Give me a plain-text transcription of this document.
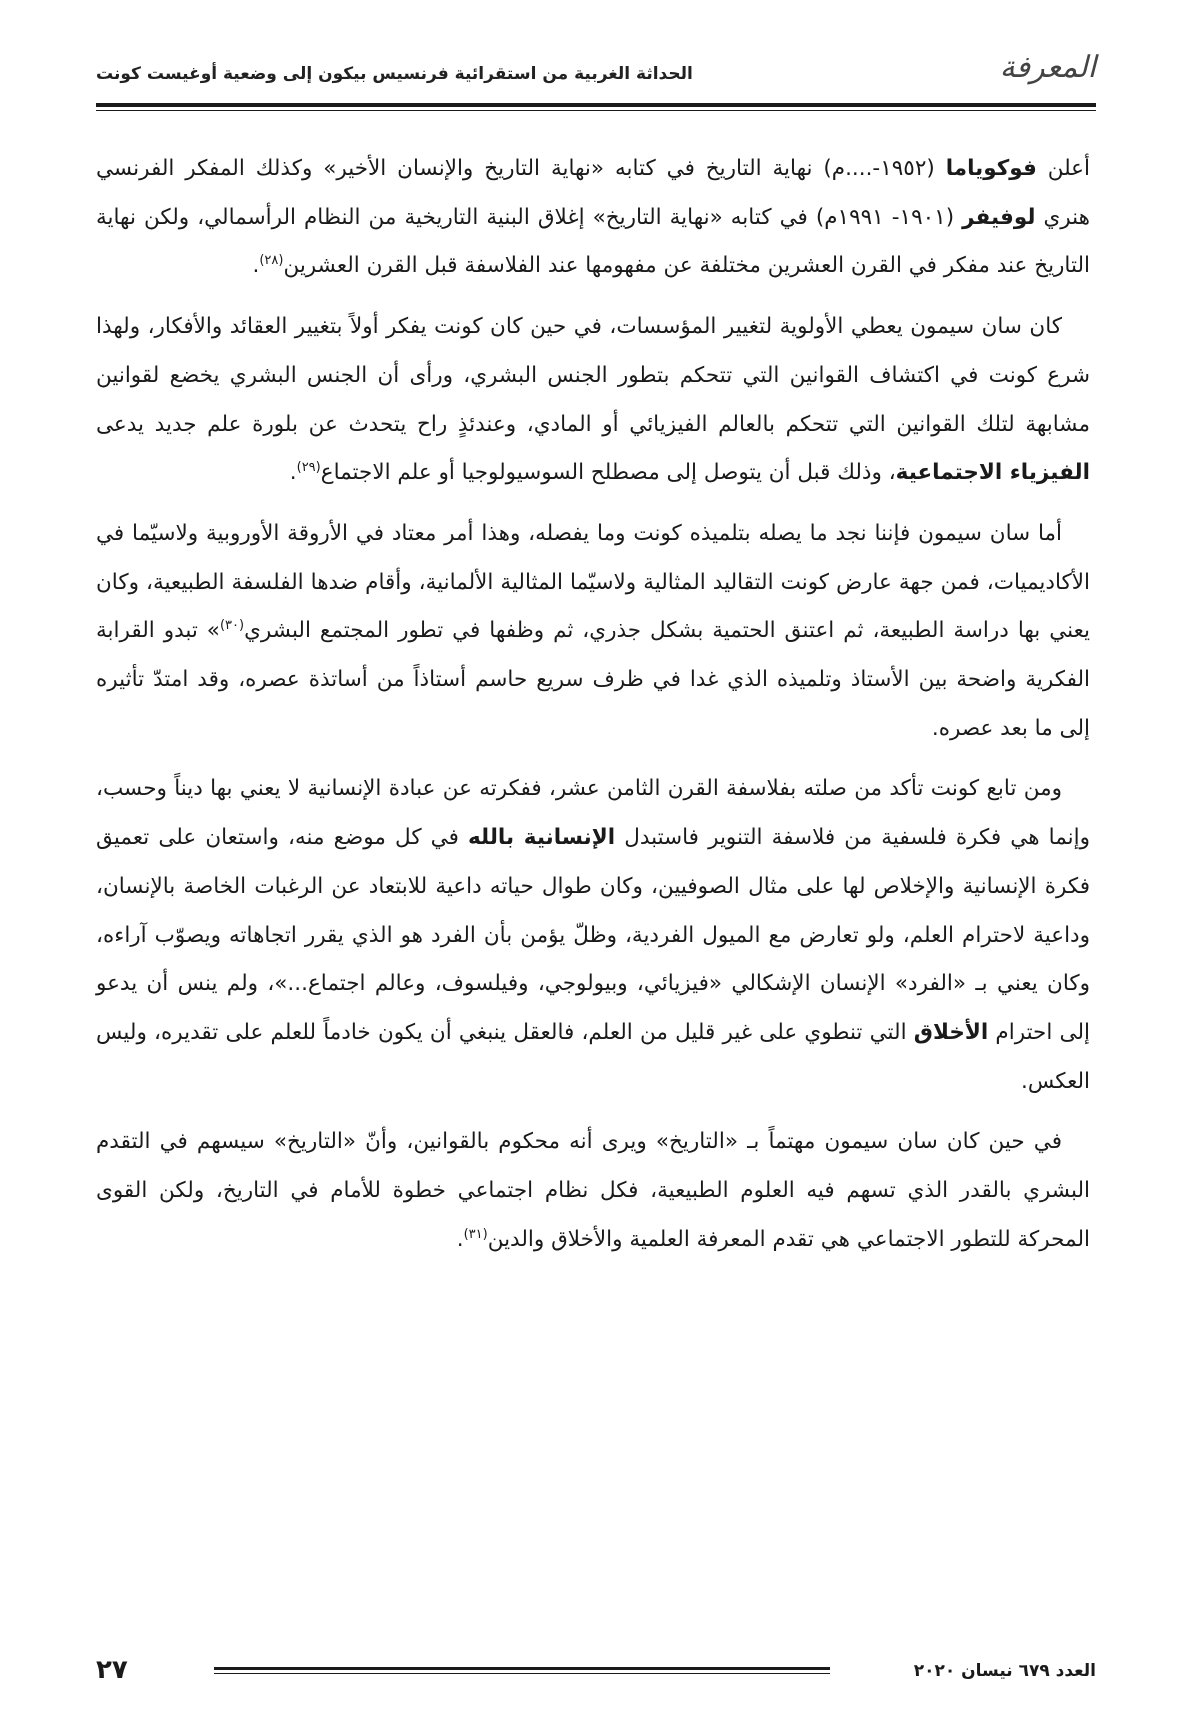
المعرفة
الحداثة الغربية من استقرائية فرنسيس بيكون إلى وضعية أوغيست كونت

أعلن فوكوياما (١٩٥٢-....م) نهاية التاريخ في كتابه «نهاية التاريخ والإنسان الأخير» وكذلك المفكر الفرنسي هنري لوفيفر (١٩٠١- ١٩٩١م) في كتابه «نهاية التاريخ» إغلاق البنية التاريخية من النظام الرأسمالي، ولكن نهاية التاريخ عند مفكر في القرن العشرين مختلفة عن مفهومها عند الفلاسفة قبل القرن العشرين$^{(٢٨)}$.

كان سان سيمون يعطي الأولوية لتغيير المؤسسات، في حين كان كونت يفكر أولاً بتغيير العقائد والأفكار، ولهذا شرع كونت في اكتشاف القوانين التي تتحكم بتطور الجنس البشري، ورأى أن الجنس البشري يخضع لقوانين مشابهة لتلك القوانين التي تتحكم بالعالم الفيزيائي أو المادي، وعندئذٍ راح يتحدث عن بلورة علم جديد يدعى الفيزياء الاجتماعية، وذلك قبل أن يتوصل إلى مصطلح السوسيولوجيا أو علم الاجتماع$^{(٢٩)}$.

أما سان سيمون فإننا نجد ما يصله بتلميذه كونت وما يفصله، وهذا أمر معتاد في الأروقة الأوروبية ولاسيّما في الأكاديميات، فمن جهة عارض كونت التقاليد المثالية ولاسيّما المثالية الألمانية، وأقام ضدها الفلسفة الطبيعية، وكان يعني بها دراسة الطبيعة، ثم اعتنق الحتمية بشكل جذري، ثم وظفها في تطور المجتمع البشري$^{(٣٠)}$» تبدو القرابة الفكرية واضحة بين الأستاذ وتلميذه الذي غدا في ظرف سريع حاسم أستاذاً من أساتذة عصره، وقد امتدّ تأثيره إلى ما بعد عصره.

ومن تابع كونت تأكد من صلته بفلاسفة القرن الثامن عشر، ففكرته عن عبادة الإنسانية لا يعني بها ديناً وحسب، وإنما هي فكرة فلسفية من فلاسفة التنوير فاستبدل الإنسانية بالله في كل موضع منه، واستعان على تعميق فكرة الإنسانية والإخلاص لها على مثال الصوفيين، وكان طوال حياته داعية للابتعاد عن الرغبات الخاصة بالإنسان، وداعية لاحترام العلم، ولو تعارض مع الميول الفردية، وظلّ يؤمن بأن الفرد هو الذي يقرر اتجاهاته ويصوّب آراءه، وكان يعني بـ «الفرد» الإنسان الإشكالي «فيزيائي، وبيولوجي، وفيلسوف، وعالم اجتماع...»، ولم ينس أن يدعو إلى احترام الأخلاق التي تنطوي على غير قليل من العلم، فالعقل ينبغي أن يكون خادماً للعلم على تقديره، وليس العكس.

في حين كان سان سيمون مهتماً بـ «التاريخ» ويرى أنه محكوم بالقوانين، وأنّ «التاريخ» سيسهم في التقدم البشري بالقدر الذي تسهم فيه العلوم الطبيعية، فكل نظام اجتماعي خطوة للأمام في التاريخ، ولكن القوى المحركة للتطور الاجتماعي هي تقدم المعرفة العلمية والأخلاق والدين$^{(٣١)}$.

العدد ٦٧٩ نيسان ٢٠٢٠
٢٧
